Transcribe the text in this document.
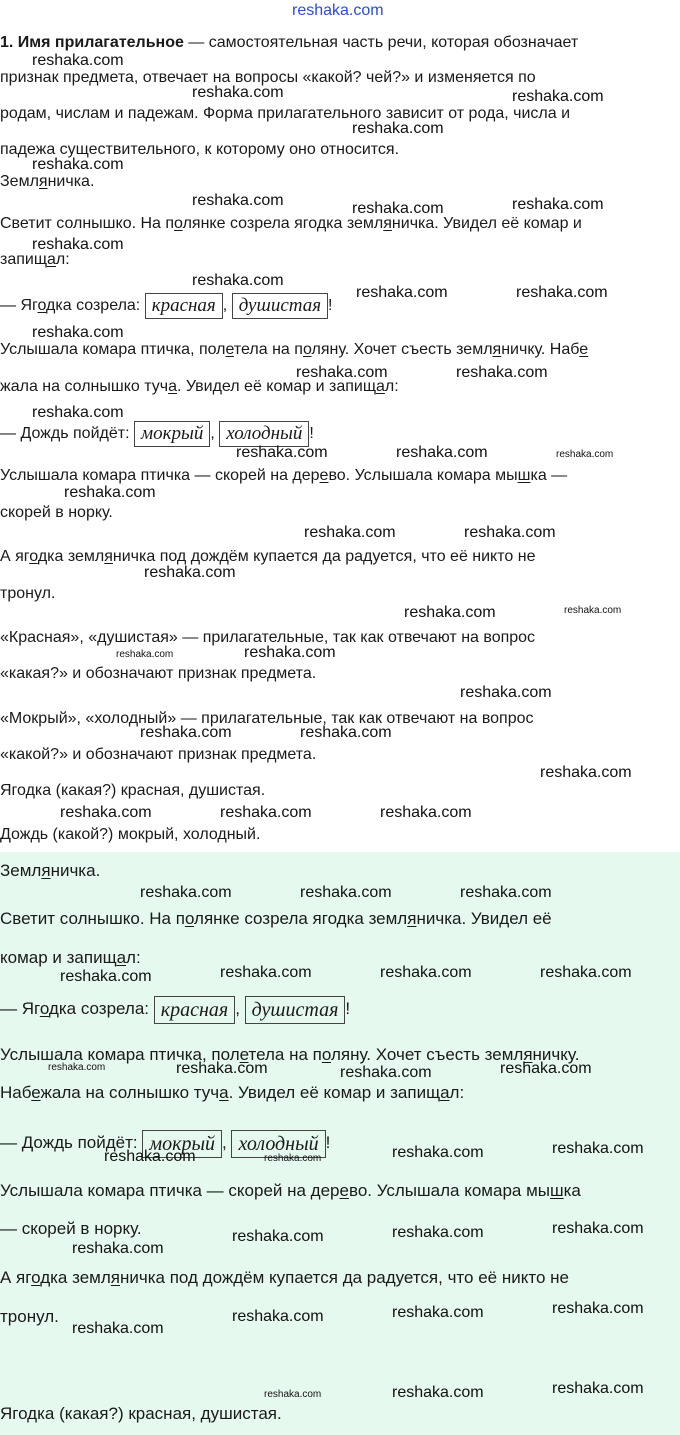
reshaka.com
1. Имя прилагательное — самостоятельная часть речи, которая обозначает
признак предмета, отвечает на вопросы «какой? чей?» и изменяется по
родам, числам и падежам. Форма прилагательного зависит от рода, числа и
падежа существительного, к которому оно относится.
Земляничка.
Светит солнышко. На полянке созрела ягодка земляничка. Увидел её комар и
запищал:
— Ягодка созрела: красная , душистая !
Услышала комара птичка, полетела на поляну. Хочет съесть земляничку. Набе
жала на солнышко туча. Увидел её комар и запищал:
— Дождь пойдёт: мокрый , холодный !
Услышала комара птичка — скорей на дерево. Услышала комара мышка —
скорей в норку.
А ягодка земляничка под дождём купается да радуется, что её никто не
тронул.
«Красная», «душистая» — прилагательные, так как отвечают на вопрос
«какая?» и обозначают признак предмета.
«Мокрый», «холодный» — прилагательные, так как отвечают на вопрос
«какой?» и обозначают признак предмета.
Ягодка (какая?) красная, душистая.
Дождь (какой?) мокрый, холодный.
Земляничка.
Светит солнышко. На полянке созрела ягодка земляничка. Увидел её
комар и запищал:
— Ягодка созрела: красная , душистая !
Услышала комара птичка, полетела на поляну. Хочет съесть земляничку.
Набежала на солнышко туча. Увидел её комар и запищал:
— Дождь пойдёт: мокрый , холодный !
Услышала комара птичка — скорей на дерево. Услышала комара мышка
— скорей в норку.
А ягодка земляничка под дождём купается да радуется, что её никто не
тронул.
Ягодка (какая?) красная, душистая.
reshaka.com
reshaka.com	reshaka.com
reshaka.com
reshaka.com
reshaka.com	reshaka.com	reshaka.com
reshaka.com
reshaka.com
reshaka.com	reshaka.com
reshaka.com
reshaka.com	reshaka.com
reshaka.com
reshaka.com	reshaka.com	reshaka.com
reshaka.com
reshaka.com	reshaka.com
reshaka.com
reshaka.com	reshaka.com
reshaka.com	reshaka.com
reshaka.com
reshaka.com	reshaka.com
reshaka.com
reshaka.com	reshaka.com	reshaka.com
reshaka.com	reshaka.com	reshaka.com
reshaka.com	reshaka.com	reshaka.com
reshaka.com
reshaka.com	reshaka.com	reshaka.com	reshaka.com
reshaka.com	reshaka.com	reshaka.com	reshaka.com
reshaka.com
reshaka.com
reshaka.com
reshaka.com
reshaka.com
reshaka.com
reshaka.com
reshaka.com
reshaka.com	reshaka.com	reshaka.com
